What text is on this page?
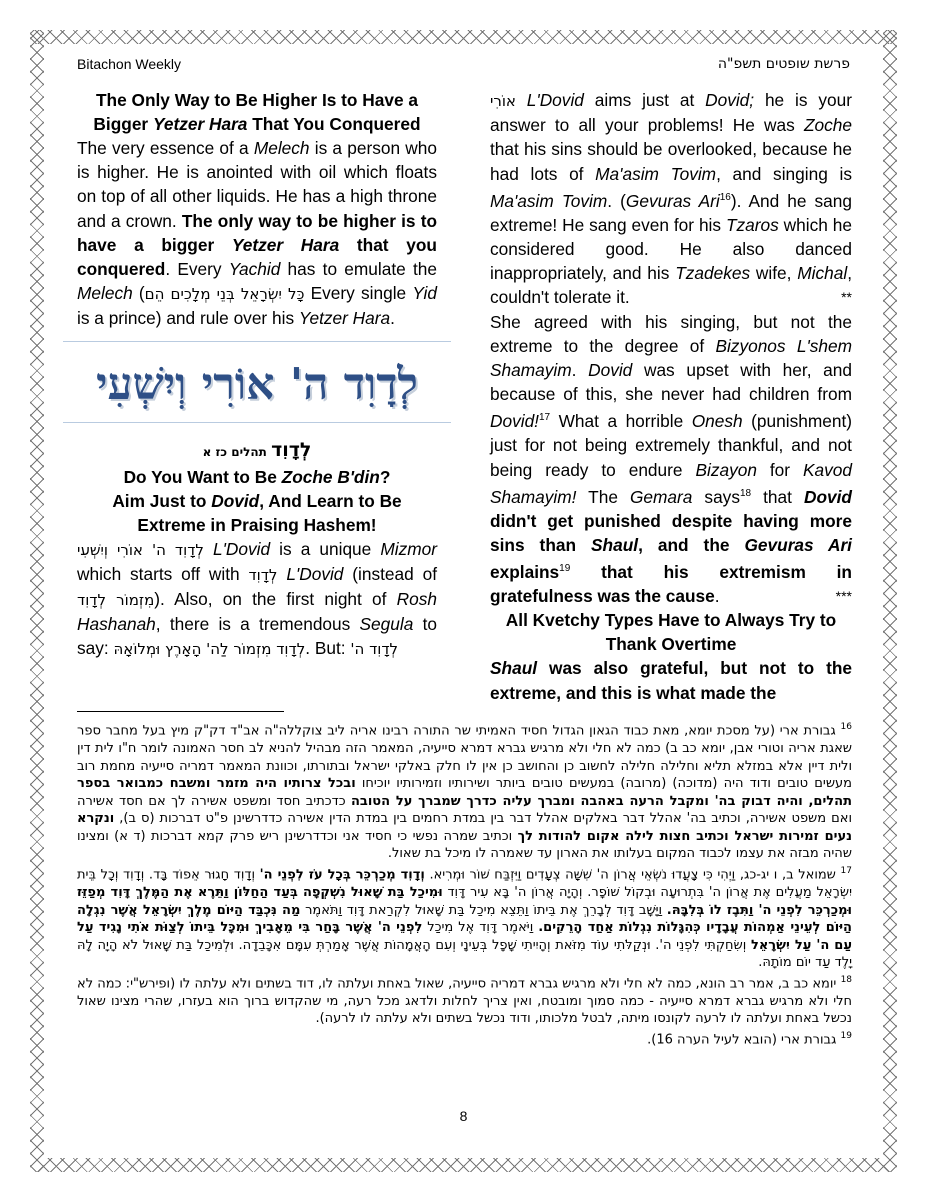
Bitachon Weekly	פרשת שופטים תשפ"ה
The Only Way to Be Higher Is to Have a
Bigger Yetzer Hara That You Conquered
The very essence of a Melech is a person who is higher. He is anointed with oil which floats on top of all other liquids. He has a high throne and a crown. The only way to be higher is to have a bigger Yetzer Hara that you conquered. Every Yachid has to emulate the Melech (כָּל יִשְׂרָאֵל בְּנֵי מְלָכִים הֵם Every single Yid is a prince) and rule over his Yetzer Hara.
לְדָוִד ה' אוֹרִי וְיִשְׁעִי
לְדָוִד תהלים כז א
Do You Want to Be Zoche B'din?
Aim Just to Dovid, And Learn to Be
Extreme in Praising Hashem!
לְדָוִד ה' אוֹרִי וְיִשְׁעִי L'Dovid is a unique Mizmor which starts off with לְדָוִד L'Dovid (instead of מִזְמוֹר לְדָוִד). Also, on the first night of Rosh Hashanah, there is a tremendous Segula to say: לְדָוִד מִזְמוֹר לַה' הָאָרֶץ וּמְלוֹאָהּ. But: לְדָוִד ה'
אוֹרִי L'Dovid aims just at Dovid; he is your answer to all your problems! He was Zoche that his sins should be overlooked, because he had lots of Ma'asim Tovim, and singing is Ma'asim Tovim. (Gevuras Ari$^{16}$). And he sang extreme! He sang even for his Tzaros which he considered good. He also danced inappropriately, and his Tzadekes wife, Michal, couldn't tolerate it.	**
She agreed with his singing, but not the extreme to the degree of Bizyonos L'shem Shamayim. Dovid was upset with her, and because of this, she never had children from Dovid!$^{17}$ What a horrible Onesh (punishment) just for not being extremely thankful, and not being ready to endure Bizayon for Kavod Shamayim! The Gemara says$^{18}$ that Dovid didn't get punished despite having more sins than Shaul, and the Gevuras Ari explains$^{19}$ that his extremism in gratefulness was the cause.	***
All Kvetchy Types Have to Always Try to
Thank Overtime
Shaul was also grateful, but not to the extreme, and this is what made the

$^{16}$ גבורת ארי (על מסכת יומא, מאת כבוד הגאון הגדול חסיד האמיתי שר התורה רבינו אריה ליב צוקללה"ה אב"ד דק"ק מיץ בעל מחבר ספר שאגת אריה וטורי אבן, יומא כב ב) כמה לא חלי ולא מרגיש גברא דמרא סייעיה, המאמר הזה מבהיל להניא לב חסר האמונה לומר ח"ו לית דין ולית דיין אלא במזלא תליא וחלילה חלילה לחשוב כן והחושב כן אין לו חלק באלקי ישראל ובתורתו, וכוונת המאמר דמריה סייעיה מחמת רוב מעשים טובים ודוד היה (מדוכה) (מרובה) במעשים טובים ביותר ושירותיו וזמירותיו יוכיחו ובכל צרותיו היה מזמר ומשבח כמבואר בספר תהלים, והיה דבוק בה' ומקבל הרעה באהבה ומברך עליה כדרך שמברך על הטובה כדכתיב חסד ומשפט אשירה לך אם חסד אשירה ואם משפט אשירה, וכתיב בה' אהלל דבר באלקים אהלל דבר בין במדת רחמים בין במדת הדין אשירה כדדרשינן פ"ט דברכות (ס ב), ונקרא נעים זמירות ישראל וכתיב חצות לילה אקום להודות לך וכתיב שמרה נפשי כי חסיד אני וכדדרשינן ריש פרק קמא דברכות (ד א) ומצינו שהיה מבזה את עצמו לכבוד המקום בעלותו את הארון עד שאמרה לו מיכל בת שאול.

$^{17}$ שמואל ב, ו יג-כג, וַיְהִי כִּי צָעֲדוּ נֹשְׂאֵי אֲרוֹן ה' שִׁשָּׁה צְעָדִים וַיִּזְבַּח שׁוֹר וּמְרִיא. וְדָוִד מְכַרְכֵּר בְּכָל עֹז לִפְנֵי ה' וְדָוִד חָגוּר אֵפוֹד בָּד. וְדָוִד וְכָל בֵּית יִשְׂרָאֵל מַעֲלִים אֶת אֲרוֹן ה' בִּתְרוּעָה וּבְקוֹל שׁוֹפָר. וְהָיָה אֲרוֹן ה' בָּא עִיר דָּוִד וּמִיכַל בַּת שָׁאוּל נִשְׁקְפָה בְּעַד הַחַלּוֹן וַתֵּרֶא אֶת הַמֶּלֶךְ דָּוִד מְפַזֵּז וּמְכַרְכֵּר לִפְנֵי ה' וַתִּבֶז לוֹ בְּלִבָּהּ. וַיָּשָׁב דָּוִד לְבָרֵךְ אֶת בֵּיתוֹ וַתֵּצֵא מִיכַל בַּת שָׁאוּל לִקְרַאת דָּוִד וַתֹּאמֶר מַה נִּכְבַּד הַיּוֹם מֶלֶךְ יִשְׂרָאֵל אֲשֶׁר נִגְלָה הַיּוֹם לְעֵינֵי אַמְהוֹת עֲבָדָיו כְּהִגָּלוֹת נִגְלוֹת אַחַד הָרֵקִים. וַיֹּאמֶר דָּוִד אֶל מִיכַל לִפְנֵי ה' אֲשֶׁר בָּחַר בִּי מֵאָבִיךְ וּמִכָּל בֵּיתוֹ לְצַוֹּת אֹתִי נָגִיד עַל עַם ה' עַל יִשְׂרָאֵל וְשִׂחַקְתִּי לִפְנֵי ה'. וּנְקַלֹּתִי עוֹד מִזֹּאת וְהָיִיתִי שָׁפָל בְּעֵינָי וְעִם הָאֲמָהוֹת אֲשֶׁר אָמַרְתְּ עִמָּם אִכָּבֵדָה. וּלְמִיכַל בַּת שָׁאוּל לֹא הָיָה לָהּ יָלֶד עַד יוֹם מוֹתָהּ.

$^{18}$ יומא כב ב, אמר רב הונא, כמה לא חלי ולא מרגיש גברא דמריה סייעיה, שאול באחת ועלתה לו, דוד בשתים ולא עלתה לו (ופירש"י: כמה לא חלי ולא מרגיש גברא דמרא סייעיה - כמה סמוך ומובטח, ואין צריך לחלות ולדאג מכל רעה, מי שהקדוש ברוך הוא בעזרו, שהרי מצינו שאול נכשל באחת ועלתה לו לרעה לקונסו מיתה, לבטל מלכותו, ודוד נכשל בשתים ולא עלתה לו לרעה).

$^{19}$ גבורת ארי (הובא לעיל הערה 16).

8
